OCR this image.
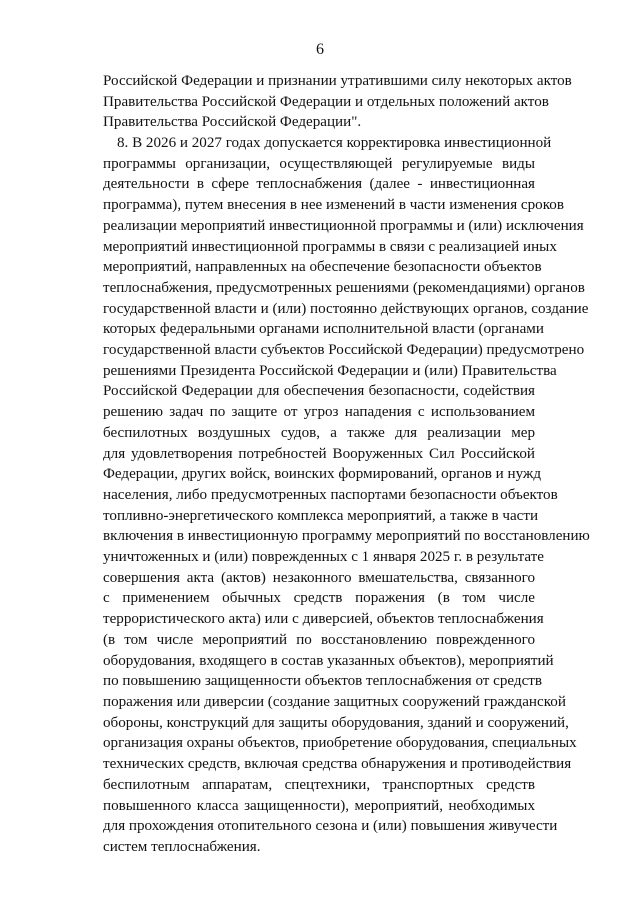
6
Российской Федерации и признании утратившими силу некоторых актов
Правительства Российской Федерации и отдельных положений актов
Правительства Российской Федерации".
8. В 2026 и 2027 годах допускается корректировка инвестиционной
программы организации, осуществляющей регулируемые виды
деятельности в сфере теплоснабжения (далее - инвестиционная
программа), путем внесения в нее изменений в части изменения сроков
реализации мероприятий инвестиционной программы и (или) исключения
мероприятий инвестиционной программы в связи с реализацией иных
мероприятий, направленных на обеспечение безопасности объектов
теплоснабжения, предусмотренных решениями (рекомендациями) органов
государственной власти и (или) постоянно действующих органов, создание
которых федеральными органами исполнительной власти (органами
государственной власти субъектов Российской Федерации) предусмотрено
решениями Президента Российской Федерации и (или) Правительства
Российской Федерации для обеспечения безопасности, содействия
решению задач по защите от угроз нападения с использованием
беспилотных воздушных судов, а также для реализации мер
для удовлетворения потребностей Вооруженных Сил Российской
Федерации, других войск, воинских формирований, органов и нужд
населения, либо предусмотренных паспортами безопасности объектов
топливно-энергетического комплекса мероприятий, а также в части
включения в инвестиционную программу мероприятий по восстановлению
уничтоженных и (или) поврежденных с 1 января 2025 г. в результате
совершения акта (актов) незаконного вмешательства, связанного
с применением обычных средств поражения (в том числе
террористического акта) или с диверсией, объектов теплоснабжения
(в том числе мероприятий по восстановлению поврежденного
оборудования, входящего в состав указанных объектов), мероприятий
по повышению защищенности объектов теплоснабжения от средств
поражения или диверсии (создание защитных сооружений гражданской
обороны, конструкций для защиты оборудования, зданий и сооружений,
организация охраны объектов, приобретение оборудования, специальных
технических средств, включая средства обнаружения и противодействия
беспилотным аппаратам, спецтехники, транспортных средств
повышенного класса защищенности), мероприятий, необходимых
для прохождения отопительного сезона и (или) повышения живучести
систем теплоснабжения.
